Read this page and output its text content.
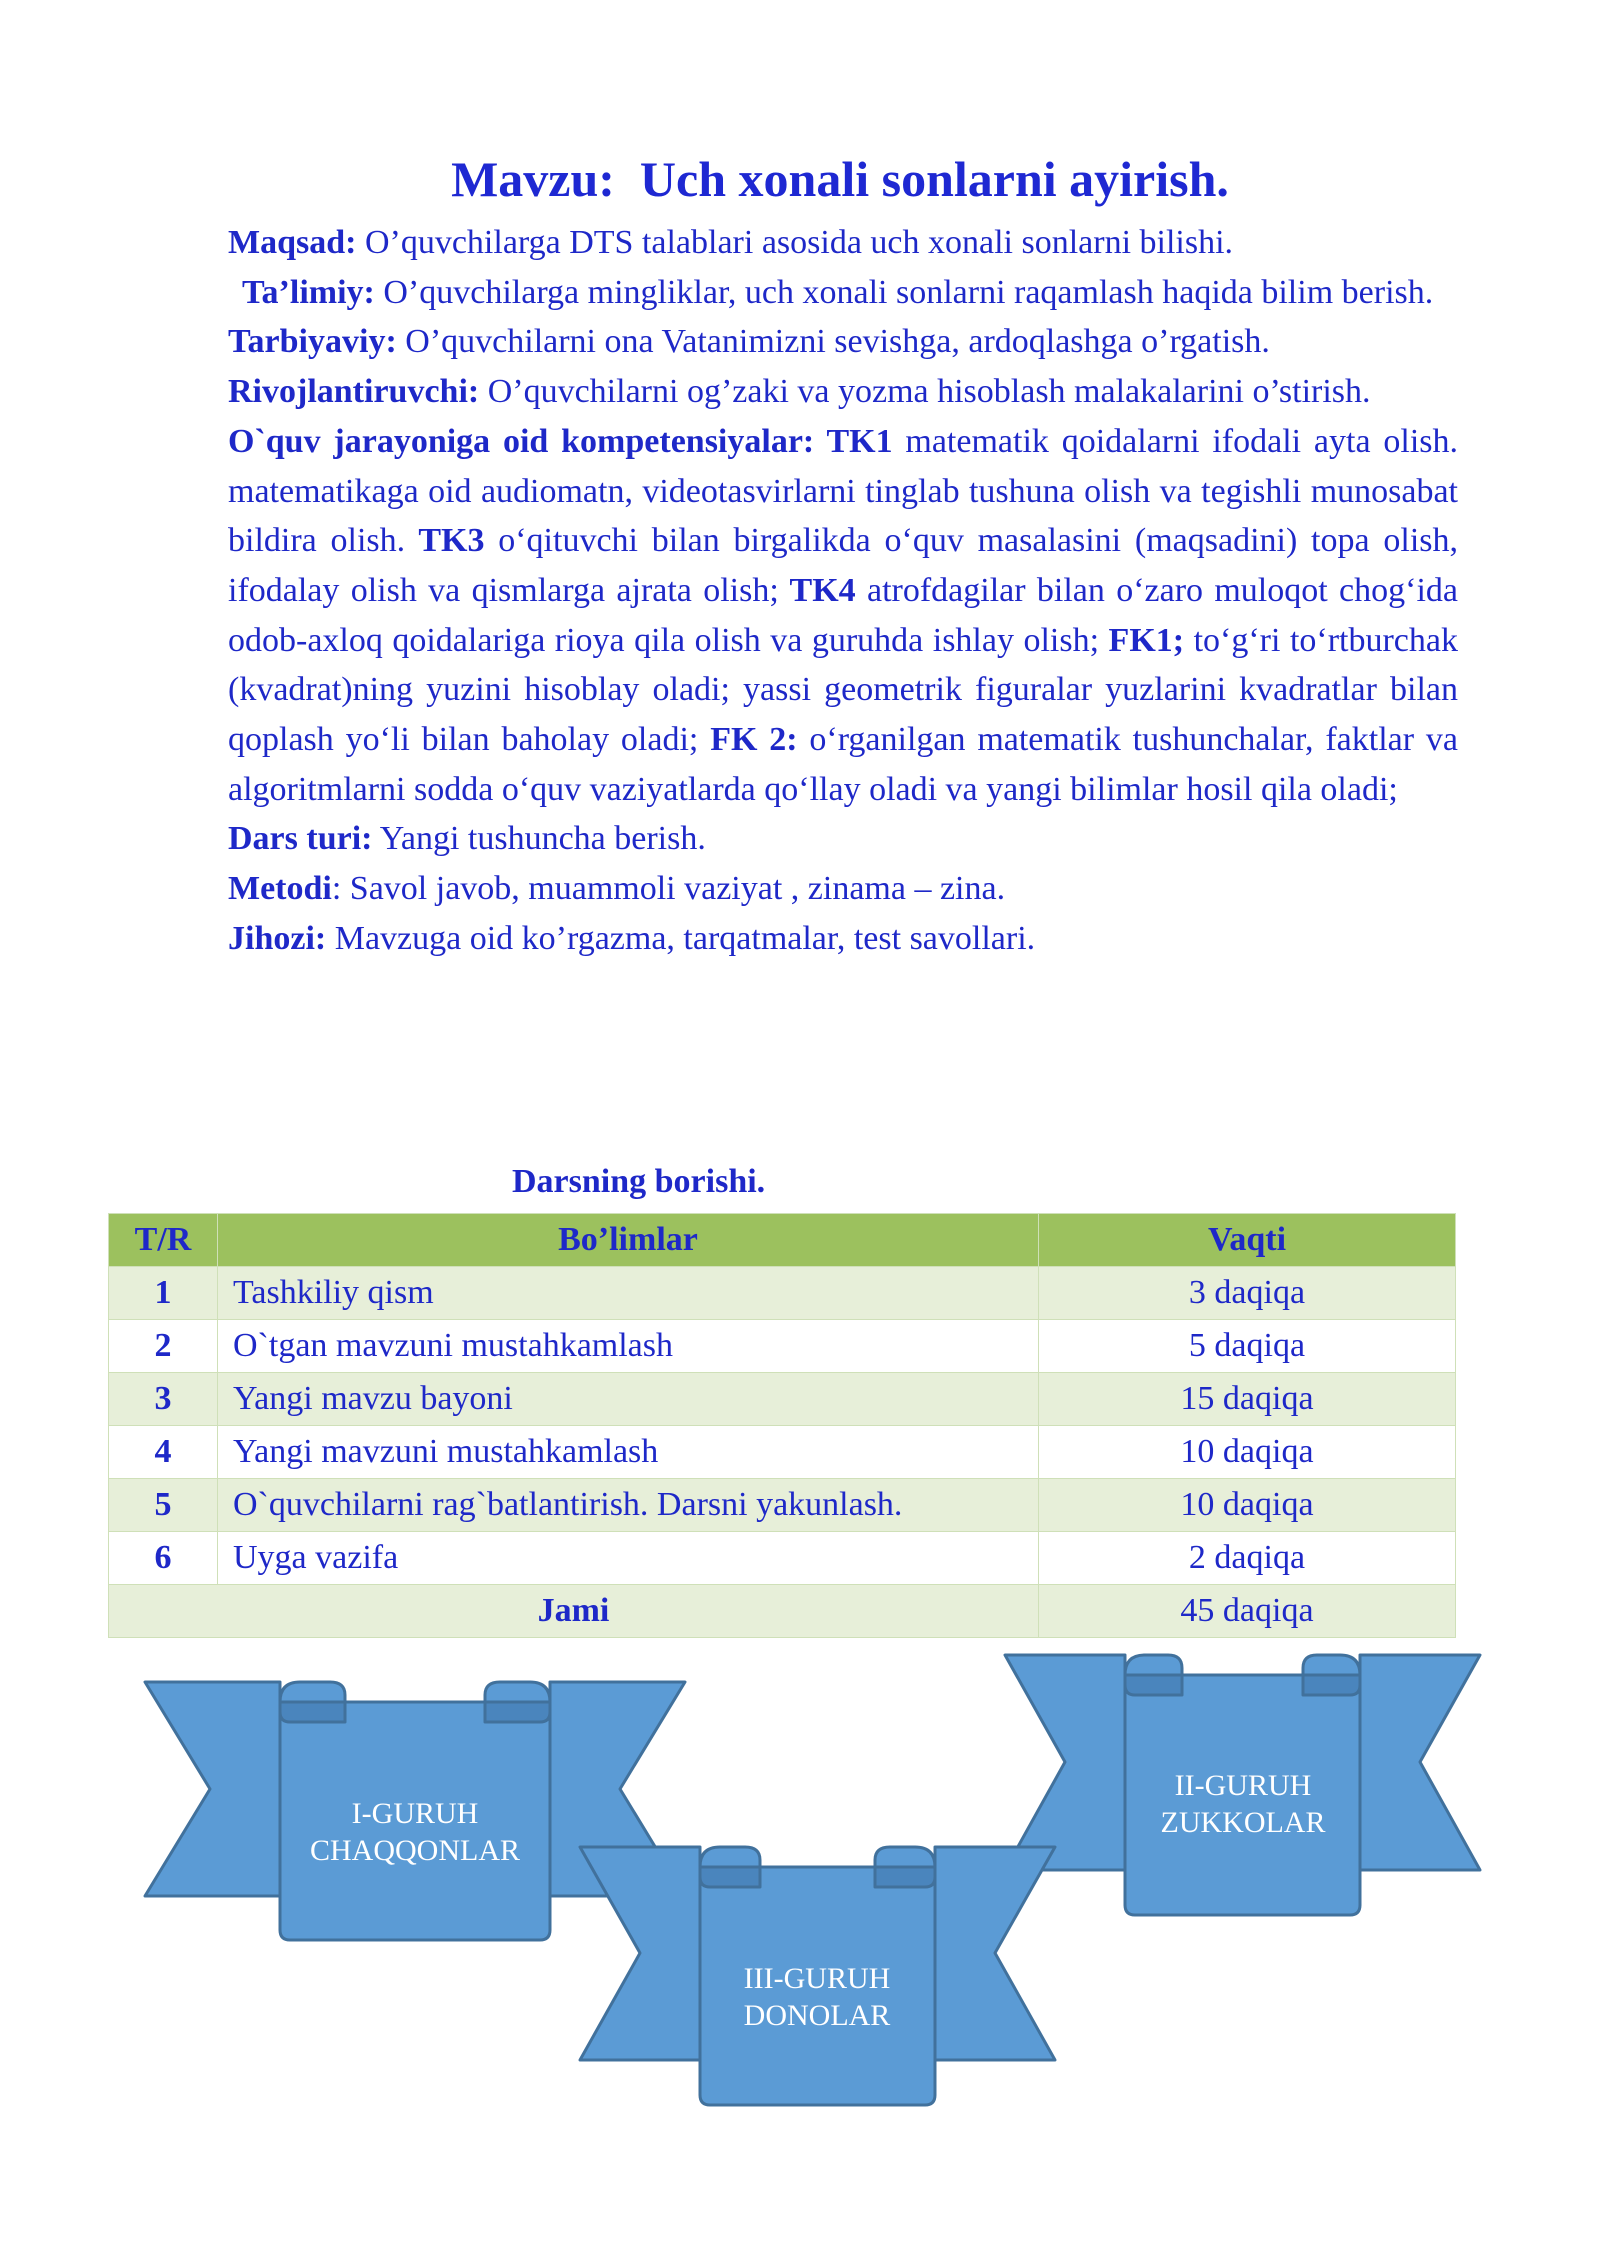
Mavzu:  Uch xonali sonlarni ayirish.

Maqsad: O’quvchilarga DTS talablari asosida uch xonali sonlarni bilishi.

Ta’limiy: O’quvchilarga mingliklar, uch xonali sonlarni raqamlash haqida bilim berish.

Tarbiyaviy: O’quvchilarni ona Vatanimizni sevishga, ardoqlashga o’rgatish.

Rivojlantiruvchi: O’quvchilarni og’zaki va yozma hisoblash malakalarini o’stirish.

O`quv jarayoniga oid kompetensiyalar: TK1 matematik qoidalarni ifodali ayta olish. matematikaga oid audiomatn, videotasvirlarni tinglab tushuna olish va tegishli munosabat bildira olish. TK3 o‘qituvchi bilan birgalikda o‘quv masalasini (maqsadini) topa olish, ifodalay olish va qismlarga ajrata olish; TK4 atrofdagilar bilan o‘zaro muloqot chog‘ida odob-axloq qoidalariga rioya qila olish va guruhda ishlay olish; FK1; to‘g‘ri to‘rtburchak (kvadrat)ning yuzini hisoblay oladi; yassi geometrik figuralar yuzlarini kvadratlar bilan qoplash yo‘li bilan baholay oladi; FK 2: o‘rganilgan matematik tushunchalar, faktlar va algoritmlarni sodda o‘quv vaziyatlarda qo‘llay oladi va yangi bilimlar hosil qila oladi;

Dars turi: Yangi tushuncha berish.

Metodi: Savol javob, muammoli vaziyat , zinama – zina.

Jihozi: Mavzuga oid ko’rgazma, tarqatmalar, test savollari.

Darsning borishi.
T/R	Bo’limlar	Vaqti
1	Tashkiliy qism	3 daqiqa
2	O`tgan mavzuni mustahkamlash	5 daqiqa
3	Yangi mavzu bayoni	15 daqiqa
4	Yangi mavzuni mustahkamlash	10 daqiqa
5	O`quvchilarni rag`batlantirish. Darsni yakunlash.	10 daqiqa
6	Uyga vazifa	2 daqiqa
Jami		45 daqiqa
I-GURUH
CHAQQONLAR
II-GURUH
ZUKKOLAR
III-GURUH
DONOLAR
